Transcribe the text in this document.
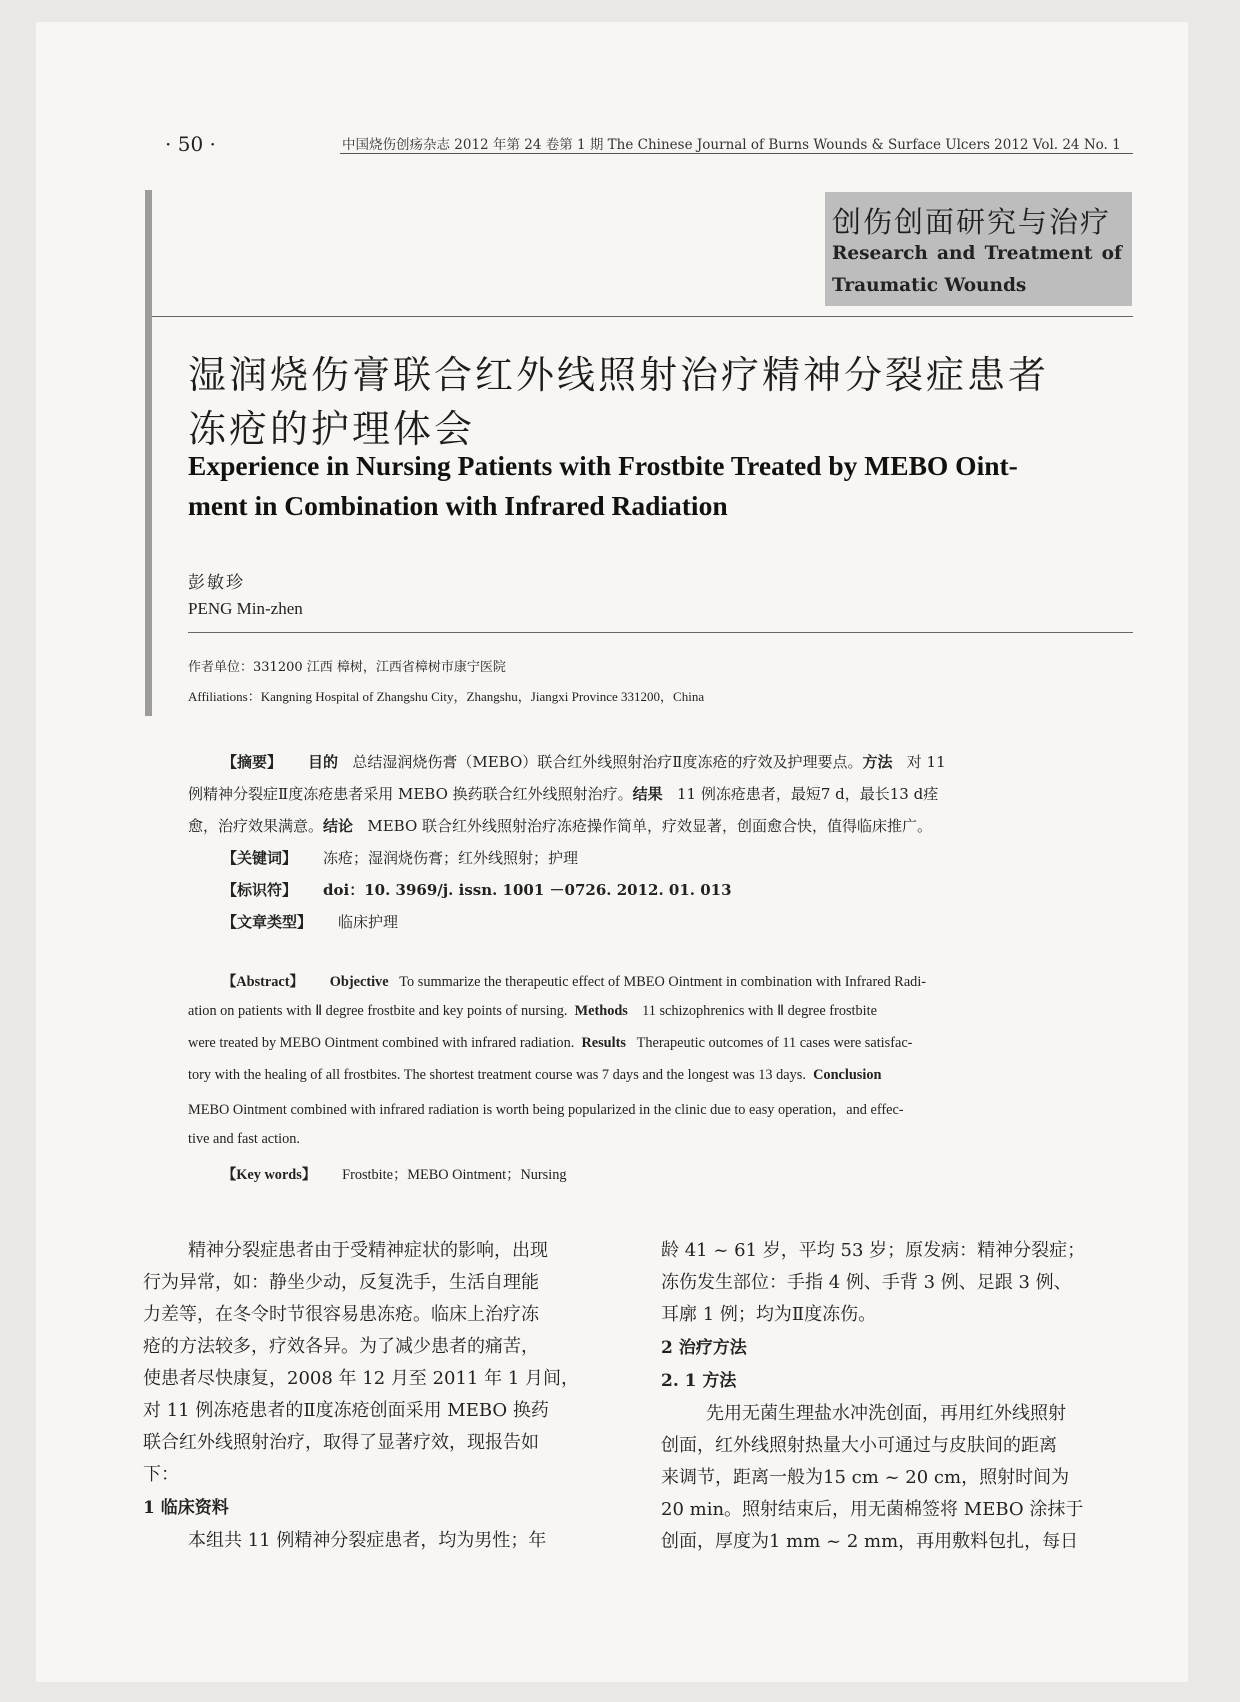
· 50 ·	中国烧伤创疡杂志 2012 年第 24 卷第 1 期 The Chinese Journal of Burns Wounds & Surface Ulcers 2012 Vol. 24 No. 1
创伤创面研究与治疗
Research and Treatment of
Traumatic Wounds
湿润烧伤膏联合红外线照射治疗精神分裂症患者
冻疮的护理体会
Experience in Nursing Patients with Frostbite Treated by MEBO Oint-
ment in Combination with Infrared Radiation
彭敏珍
PENG Min-zhen
作者单位：331200 江西 樟树，江西省樟树市康宁医院
Affiliations：Kangning Hospital of Zhangshu City，Zhangshu，Jiangxi Province 331200，China
【摘要】 目的 总结湿润烧伤膏（MEBO）联合红外线照射治疗Ⅱ度冻疮的疗效及护理要点。方法 对 11
例精神分裂症Ⅱ度冻疮患者采用 MEBO 换药联合红外线照射治疗。结果 11 例冻疮患者，最短7 d，最长13 d痊
愈，治疗效果满意。结论 MEBO 联合红外线照射治疗冻疮操作简单，疗效显著，创面愈合快，值得临床推广。
【关键词】 冻疮；湿润烧伤膏；红外线照射；护理
【标识符】 doi：10. 3969/j. issn. 1001 －0726. 2012. 01. 013
【文章类型】 临床护理
【Abstract】 Objective To summarize the therapeutic effect of MBEO Ointment in combination with Infrared Radi-
ation on patients with Ⅱ degree frostbite and key points of nursing. Methods 11 schizophrenics with Ⅱ degree frostbite
were treated by MEBO Ointment combined with infrared radiation. Results Therapeutic outcomes of 11 cases were satisfac-
tory with the healing of all frostbites. The shortest treatment course was 7 days and the longest was 13 days. Conclusion
MEBO Ointment combined with infrared radiation is worth being popularized in the clinic due to easy operation，and effec-
tive and fast action.
【Key words】 Frostbite；MEBO Ointment；Nursing
精神分裂症患者由于受精神症状的影响，出现
行为异常，如：静坐少动，反复洗手，生活自理能
力差等，在冬令时节很容易患冻疮。临床上治疗冻
疮的方法较多，疗效各异。为了减少患者的痛苦，
使患者尽快康复，2008 年 12 月至 2011 年 1 月间，
对 11 例冻疮患者的Ⅱ度冻疮创面采用 MEBO 换药
联合红外线照射治疗，取得了显著疗效，现报告如
下：
1 临床资料
本组共 11 例精神分裂症患者，均为男性；年
龄 41 ~ 61 岁，平均 53 岁；原发病：精神分裂症；
冻伤发生部位：手指 4 例、手背 3 例、足跟 3 例、
耳廓 1 例；均为Ⅱ度冻伤。
2 治疗方法
2. 1 方法
先用无菌生理盐水冲洗创面，再用红外线照射
创面，红外线照射热量大小可通过与皮肤间的距离
来调节，距离一般为15 cm ~ 20 cm，照射时间为
20 min。照射结束后，用无菌棉签将 MEBO 涂抹于
创面，厚度为1 mm ~ 2 mm，再用敷料包扎，每日
